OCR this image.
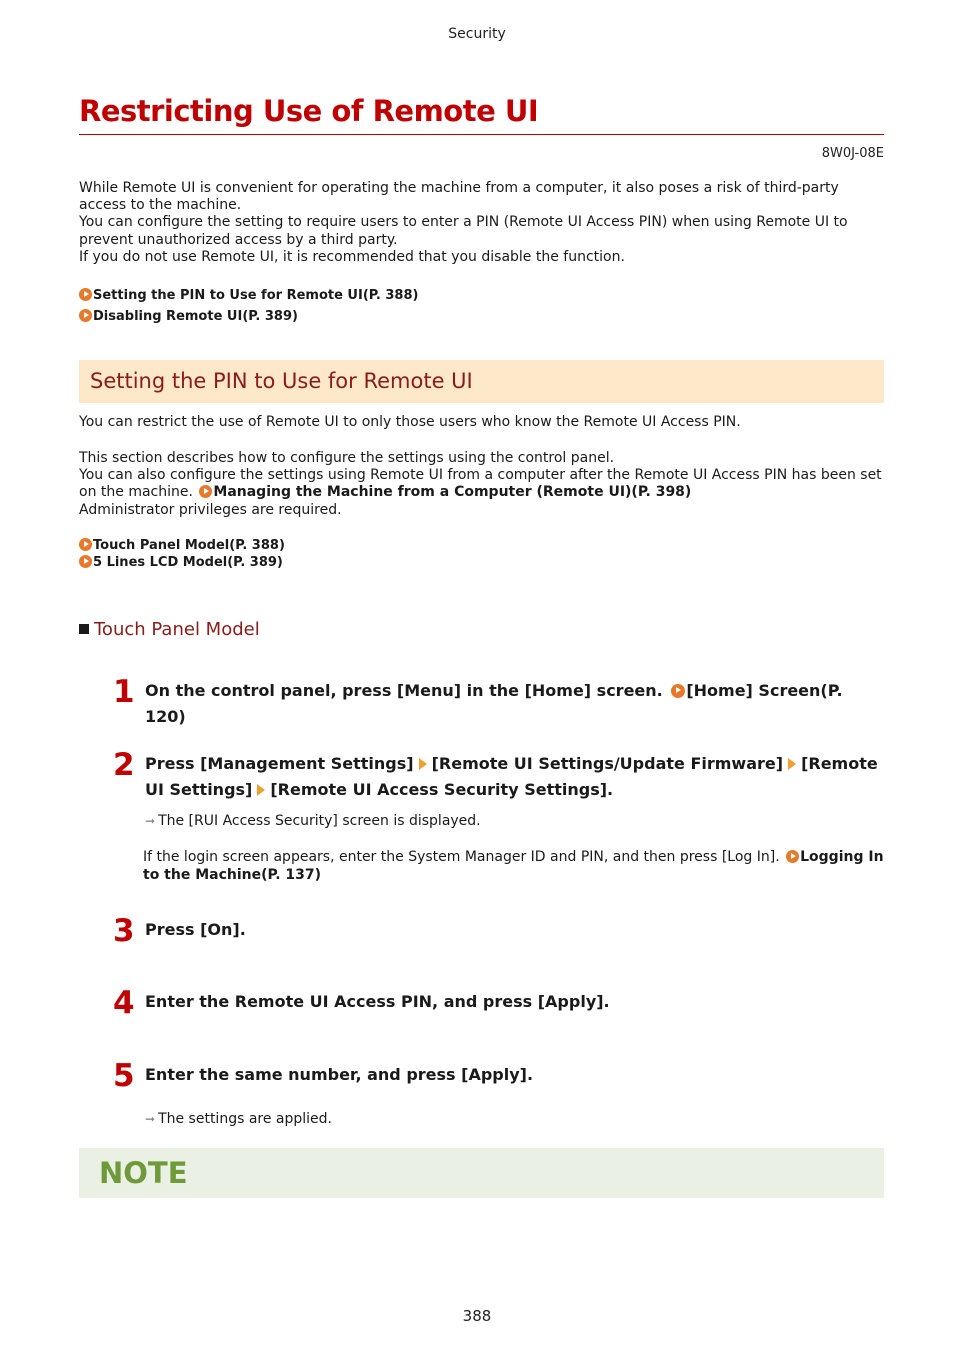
Security
Restricting Use of Remote UI
8W0J-08E
While Remote UI is convenient for operating the machine from a computer, it also poses a risk of third-party access to the machine.
You can configure the setting to require users to enter a PIN (Remote UI Access PIN) when using Remote UI to prevent unauthorized access by a third party.
If you do not use Remote UI, it is recommended that you disable the function.
Setting the PIN to Use for Remote UI(P. 388)
Disabling Remote UI(P. 389)
Setting the PIN to Use for Remote UI
You can restrict the use of Remote UI to only those users who know the Remote UI Access PIN.
This section describes how to configure the settings using the control panel.
You can also configure the settings using Remote UI from a computer after the Remote UI Access PIN has been set on the machine. Managing the Machine from a Computer (Remote UI)(P. 398)
Administrator privileges are required.
Touch Panel Model(P. 388)
5 Lines LCD Model(P. 389)
Touch Panel Model
1 On the control panel, press [Menu] in the [Home] screen. [Home] Screen(P. 120)
2 Press [Management Settings] [Remote UI Settings/Update Firmware] [Remote UI Settings] [Remote UI Access Security Settings].
➞ The [RUI Access Security] screen is displayed.
If the login screen appears, enter the System Manager ID and PIN, and then press [Log In]. Logging In to the Machine(P. 137)
3 Press [On].
4 Enter the Remote UI Access PIN, and press [Apply].
5 Enter the same number, and press [Apply].
➞ The settings are applied.
NOTE
388
